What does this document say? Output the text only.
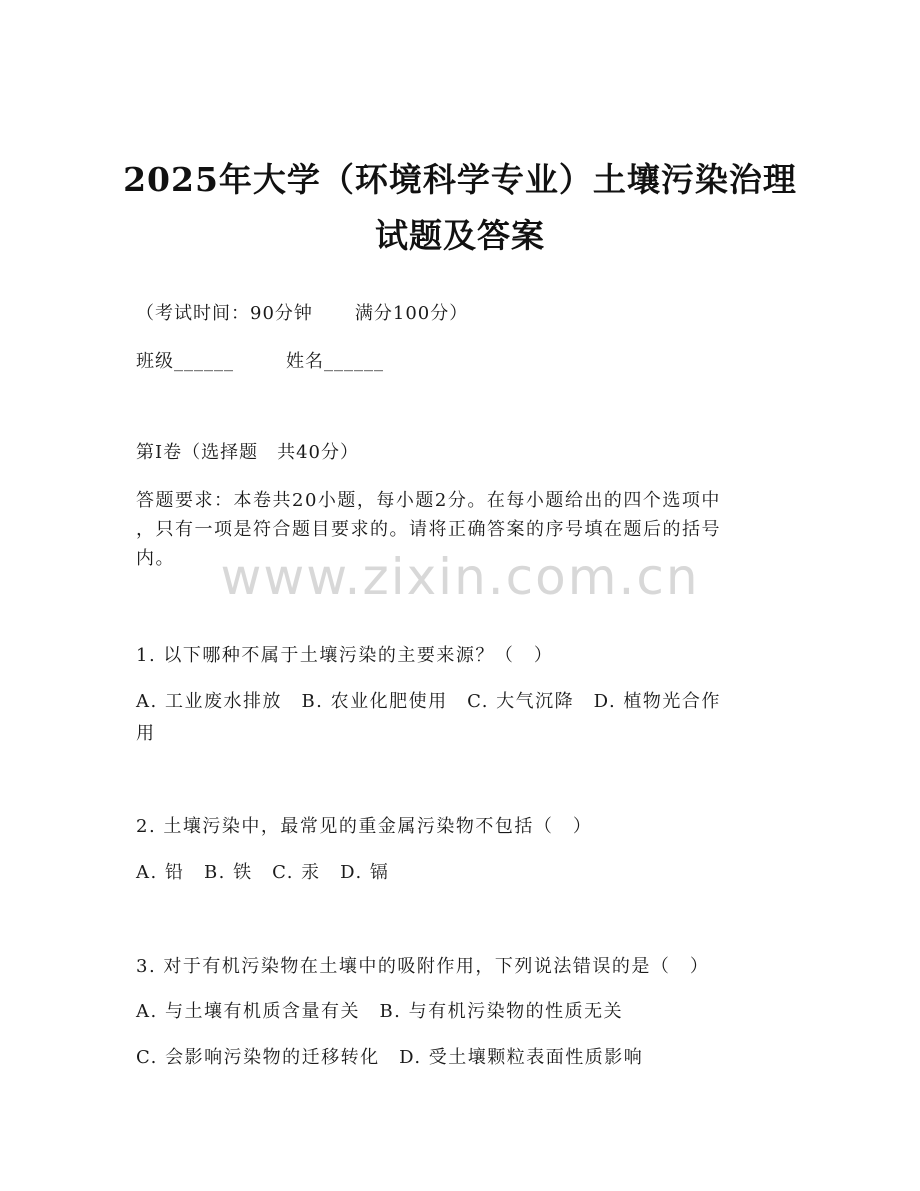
www.zixin.com.cn
2025年大学（环境科学专业）土壤污染治理
试题及答案
（考试时间：90分钟 满分100分）
班级______	姓名______
第Ⅰ卷（选择题　共40分）
答题要求：本卷共20小题，每小题2分。在每小题给出的四个选项中
，只有一项是符合题目要求的。请将正确答案的序号填在题后的括号
内。
1. 以下哪种不属于土壤污染的主要来源？（　）
A. 工业废水排放　B. 农业化肥使用　C. 大气沉降　D. 植物光合作
用
2. 土壤污染中，最常见的重金属污染物不包括（　）
A. 铅　B. 铁　C. 汞　D. 镉
3. 对于有机污染物在土壤中的吸附作用，下列说法错误的是（　）
A. 与土壤有机质含量有关　B. 与有机污染物的性质无关
C. 会影响污染物的迁移转化　D. 受土壤颗粒表面性质影响
